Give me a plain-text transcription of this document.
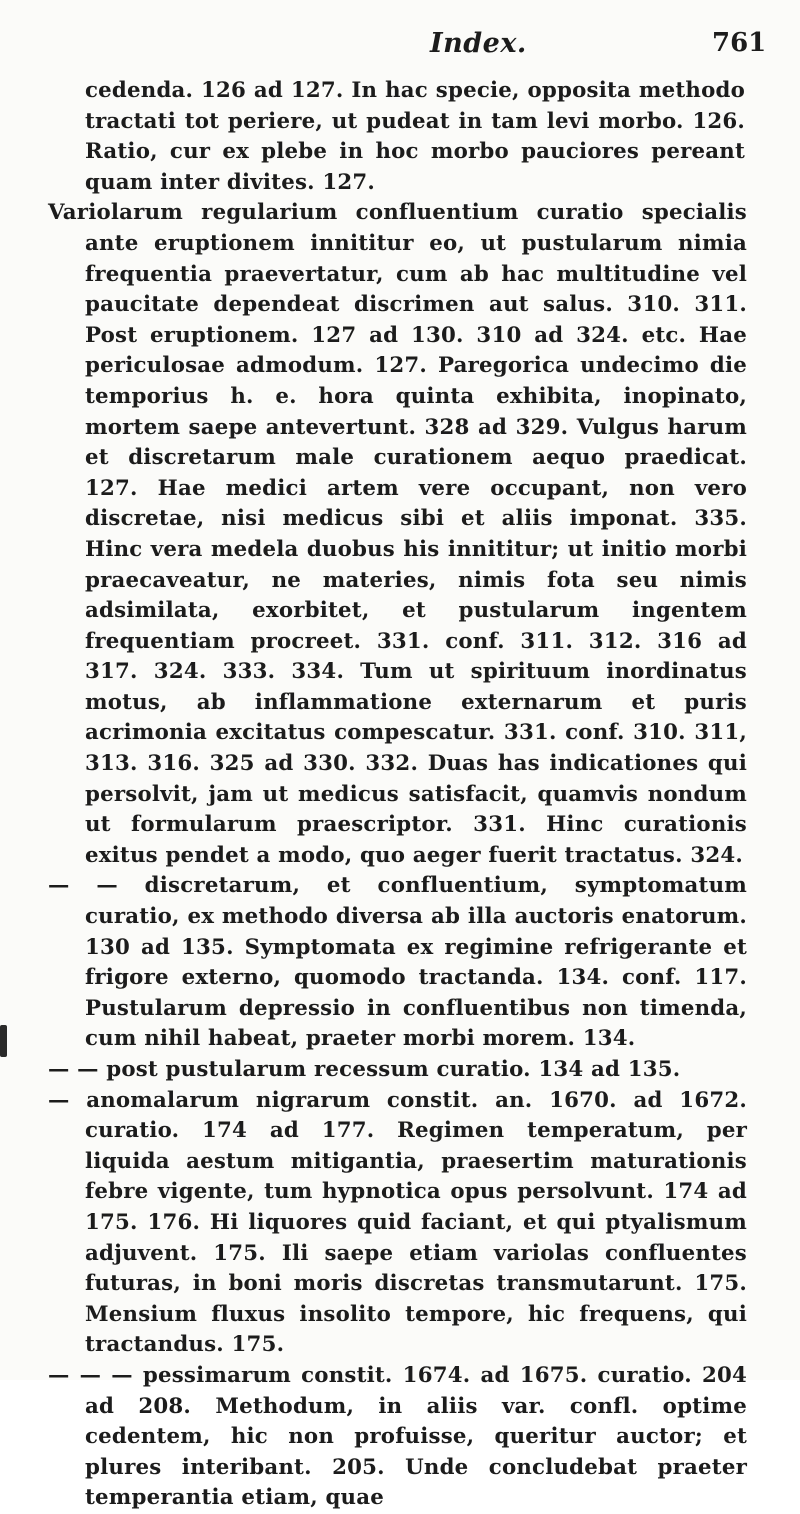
Index.	761

cedenda. 126 ad 127. In hac specie, opposita methodo tractati tot periere, ut pudeat in tam levi morbo. 126. Ratio, cur ex plebe in hoc morbo pauciores pereant quam inter divites. 127.

Variolarum regularium confluentium curatio specialis ante eruptionem innititur eo, ut pustularum nimia frequentia praevertatur, cum ab hac multitudine vel paucitate dependeat discrimen aut salus. 310. 311. Post eruptionem. 127 ad 130. 310 ad 324. etc. Hae periculosae admodum. 127. Paregorica undecimo die temporius h. e. hora quinta exhibita, inopinato, mortem saepe antevertunt. 328 ad 329. Vulgus harum et discretarum male curationem aequo praedicat. 127. Hae medici artem vere occupant, non vero discretae, nisi medicus sibi et aliis imponat. 335. Hinc vera medela duobus his innititur; ut initio morbi praecaveatur, ne materies, nimis fota seu nimis adsimilata, exorbitet, et pustularum ingentem frequentiam procreet. 331. conf. 311. 312. 316 ad 317. 324. 333. 334. Tum ut spirituum inordinatus motus, ab inflammatione externarum et puris acrimonia excitatus compescatur. 331. conf. 310. 311, 313. 316. 325 ad 330. 332. Duas has indicationes qui persolvit, jam ut medicus satisfacit, quamvis nondum ut formularum praescriptor. 331. Hinc curationis exitus pendet a modo, quo aeger fuerit tractatus. 324.

— — discretarum, et confluentium, symptomatum curatio, ex methodo diversa ab illa auctoris enatorum. 130 ad 135. Symptomata ex regimine refrigerante et frigore externo, quomodo tractanda. 134. conf. 117. Pustularum depressio in confluentibus non timenda, cum nihil habeat, praeter morbi morem. 134.

— — post pustularum recessum curatio. 134 ad 135.

— anomalarum nigrarum constit. an. 1670. ad 1672. curatio. 174 ad 177. Regimen temperatum, per liquida aestum mitigantia, praesertim maturationis febre vigente, tum hypnotica opus persolvunt. 174 ad 175. 176. Hi liquores quid faciant, et qui ptyalismum adjuvent. 175. Ili saepe etiam variolas confluentes futuras, in boni moris discretas transmutarunt. 175. Mensium fluxus insolito tempore, hic frequens, qui tractandus. 175.

— — — pessimarum constit. 1674. ad 1675. curatio. 204 ad 208. Methodum, in aliis var. confl. optime cedentem, hic non profuisse, queritur auctor; et plures interibant. 205. Unde concludebat praeter temperantia etiam, quae
